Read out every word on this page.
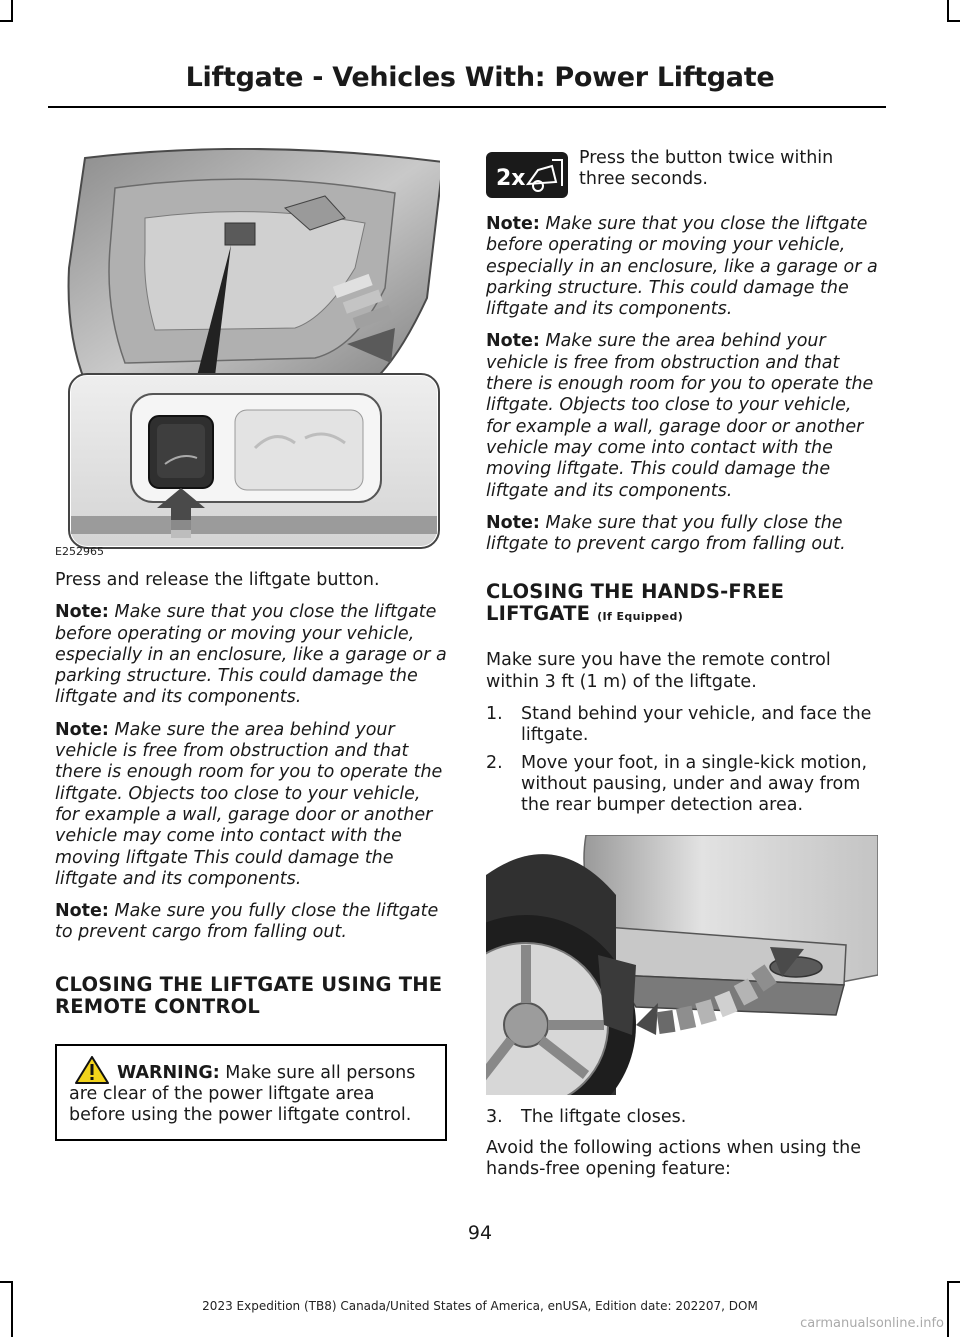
Liftgate - Vehicles With: Power Liftgate
E252965

Press and release the liftgate button.

Note: Make sure that you close the liftgate before operating or moving your vehicle, especially in an enclosure, like a garage or a parking structure. This could damage the liftgate and its components.

Note: Make sure the area behind your vehicle is free from obstruction and that there is enough room for you to operate the liftgate. Objects too close to your vehicle, for example a wall, garage door or another vehicle may come into contact with the moving liftgate This could damage the liftgate and its components.

Note: Make sure you fully close the liftgate to prevent cargo from falling out.

CLOSING THE LIFTGATE USING THE REMOTE CONTROL
WARNING: Make sure all persons are clear of the power liftgate area before using the power liftgate control.
2x
Press the button twice within three seconds.

Note: Make sure that you close the liftgate before operating or moving your vehicle, especially in an enclosure, like a garage or a parking structure. This could damage the liftgate and its components.

Note: Make sure the area behind your vehicle is free from obstruction and that there is enough room for you to operate the liftgate. Objects too close to your vehicle, for example a wall, garage door or another vehicle may come into contact with the moving liftgate. This could damage the liftgate and its components.

Note: Make sure that you fully close the liftgate to prevent cargo from falling out.

CLOSING THE HANDS-FREE LIFTGATE (If Equipped)

Make sure you have the remote control within 3 ft (1 m) of the liftgate.

1. Stand behind your vehicle, and face the liftgate.
2. Move your foot, in a single-kick motion, without pausing, under and away from the rear bumper detection area.
3. The liftgate closes.

Avoid the following actions when using the hands-free opening feature:

94
2023 Expedition (TB8) Canada/United States of America, enUSA, Edition date: 202207, DOM
carmanualsonline.info
